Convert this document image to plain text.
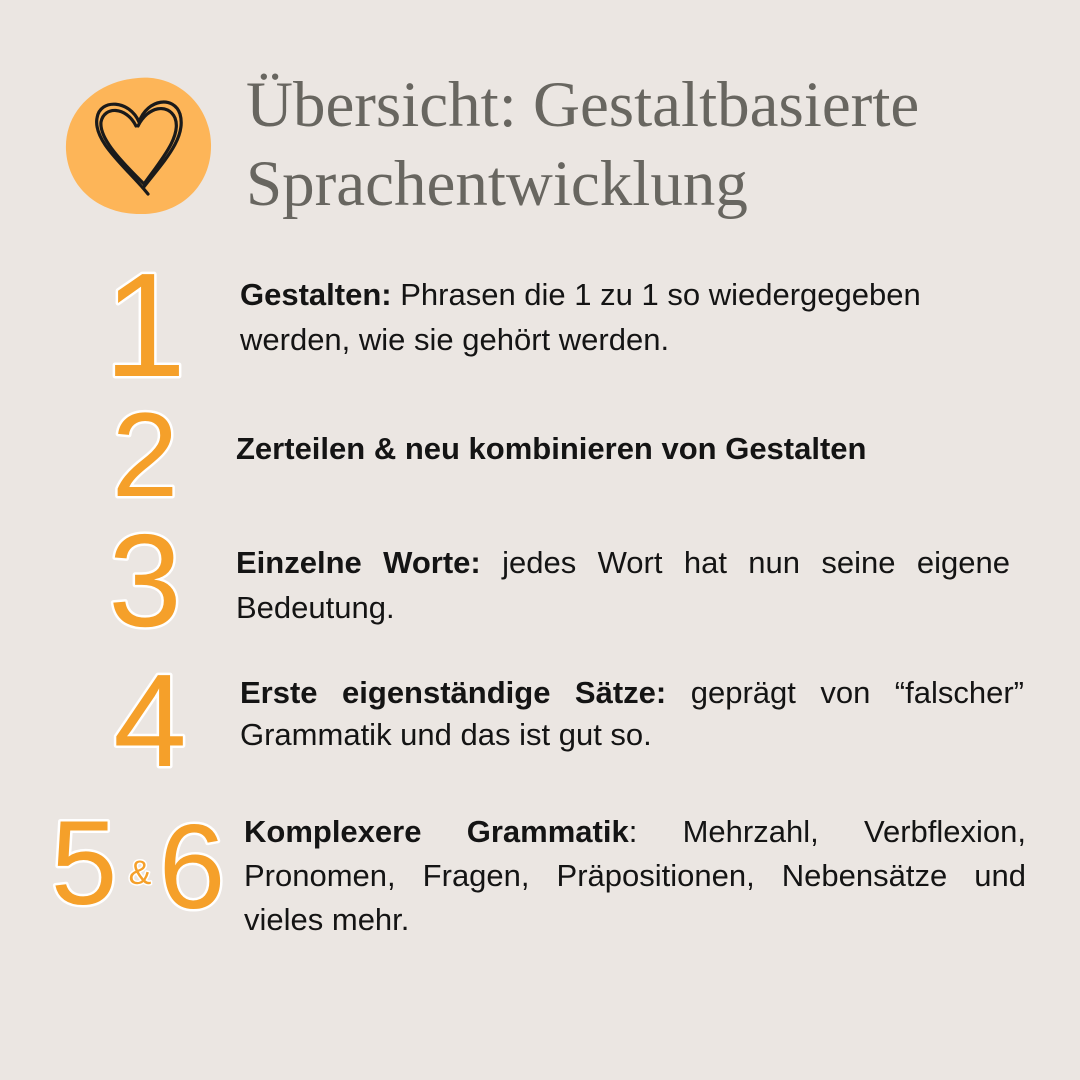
Übersicht: Gestaltbasierte
Sprachentwicklung
1 Gestalten: Phrasen die 1 zu 1 so wiedergegeben werden, wie sie gehört werden.

2 Zerteilen & neu kombinieren von Gestalten

3 Einzelne Worte: jedes Wort hat nun seine eigene Bedeutung.

4 Erste eigenständige Sätze: geprägt von “falscher” Grammatik und das ist gut so.

5 & 6 Komplexere Grammatik: Mehrzahl, Verbflexion, Pronomen, Fragen, Präpositionen, Nebensätze und vieles mehr.
